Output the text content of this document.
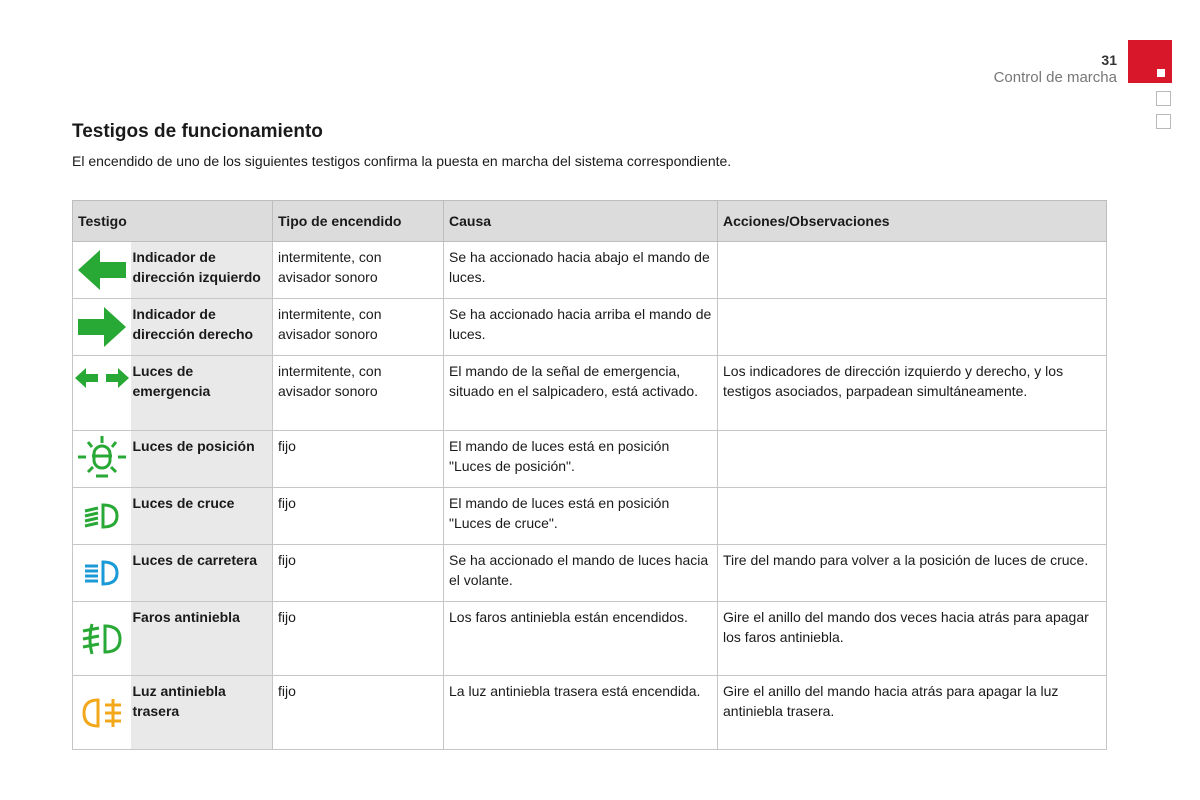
31
Control de marcha
Testigos de funcionamiento

El encendido de uno de los siguientes testigos confirma la puesta en marcha del sistema correspondiente.

Testigo		Tipo de encendido	Causa	Acciones/Observaciones
	Indicador de dirección izquierdo	intermitente, con avisador sonoro	Se ha accionado hacia abajo el mando de luces.	
	Indicador de dirección derecho	intermitente, con avisador sonoro	Se ha accionado hacia arriba el mando de luces.	
	Luces de emergencia	intermitente, con avisador sonoro	El mando de la señal de emergencia, situado en el salpicadero, está activado.	Los indicadores de dirección izquierdo y derecho, y los testigos asociados, parpadean simultáneamente.
	Luces de posición	fijo	El mando de luces está en posición "Luces de posición".	
	Luces de cruce	fijo	El mando de luces está en posición "Luces de cruce".	
	Luces de carretera	fijo	Se ha accionado el mando de luces hacia el volante.	Tire del mando para volver a la posición de luces de cruce.
	Faros antiniebla	fijo	Los faros antiniebla están encendidos.	Gire el anillo del mando dos veces hacia atrás para apagar los faros antiniebla.
	Luz antiniebla trasera	fijo	La luz antiniebla trasera está encendida.	Gire el anillo del mando hacia atrás para apagar la luz antiniebla trasera.
